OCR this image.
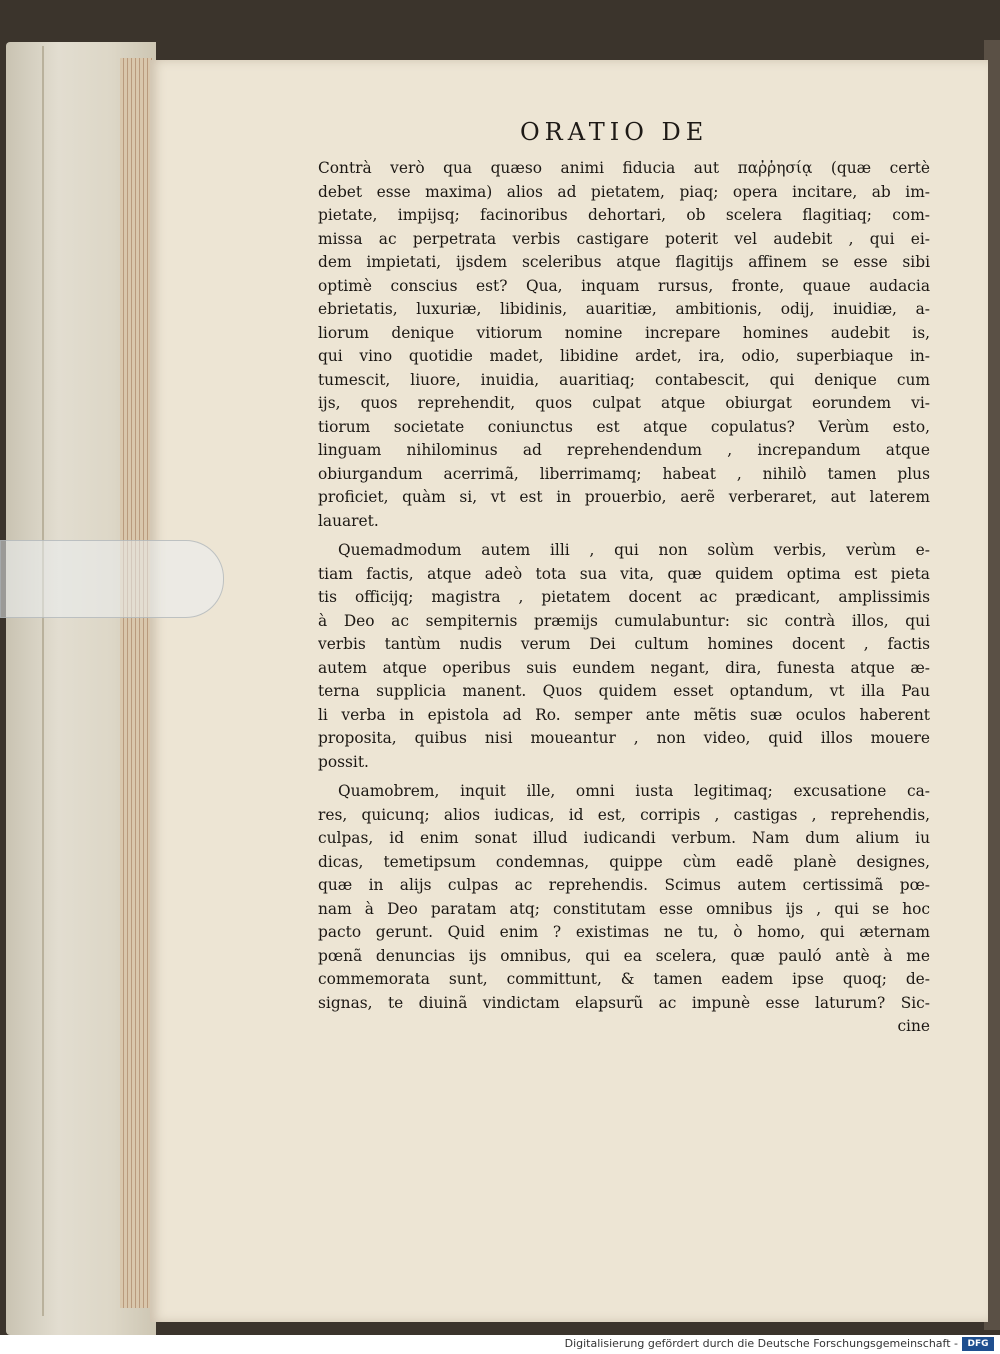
ORATIO DE
Contrà verò qua quæso animi fiducia aut παῤῥησίᾳ (quæ certè
debet esse maxima) alios ad pietatem, piaq; opera incitare, ab im-
pietate, impijsq; facinoribus dehortari, ob scelera flagitiaq; com-
missa ac perpetrata verbis castigare poterit vel audebit , qui ei-
dem impietati, ijsdem sceleribus atque flagitijs affinem se esse sibi
optimè conscius est? Qua, inquam rursus, fronte, quaue audacia
ebrietatis, luxuriæ, libidinis, auaritiæ, ambitionis, odij, inuidiæ, a-
liorum denique vitiorum nomine increpare homines audebit is,
qui vino quotidie madet, libidine ardet, ira, odio, superbiaque in-
tumescit, liuore, inuidia, auaritiaq; contabescit, qui denique cum
ijs, quos reprehendit, quos culpat atque obiurgat eorundem vi-
tiorum societate coniunctus est atque copulatus? Verùm esto,
linguam nihilominus ad reprehendendum , increpandum atque
obiurgandum acerrimã, liberrimamq; habeat , nihilò tamen plus
proficiet, quàm si, vt est in prouerbio, aerẽ verberaret, aut laterem
lauaret.
Quemadmodum autem illi , qui non solùm verbis, verùm e-
tiam factis, atque adeò tota sua vita, quæ quidem optima est pieta
tis officijq; magistra , pietatem docent ac prædicant, amplissimis
à Deo ac sempiternis præmijs cumulabuntur: sic contrà illos, qui
verbis tantùm nudis verum Dei cultum homines docent , factis
autem atque operibus suis eundem negant, dira, funesta atque æ-
terna supplicia manent. Quos quidem esset optandum, vt illa Pau
li verba in epistola ad Ro. semper ante mẽtis suæ oculos haberent
proposita, quibus nisi moueantur , non video, quid illos mouere
possit.
Quamobrem, inquit ille, omni iusta legitimaq; excusatione ca-
res, quicunq; alios iudicas, id est, corripis , castigas , reprehendis,
culpas, id enim sonat illud iudicandi verbum. Nam dum alium iu
dicas, temetipsum condemnas, quippe cùm eadẽ planè designes,
quæ in alijs culpas ac reprehendis. Scimus autem certissimã pœ-
nam à Deo paratam atq; constitutam esse omnibus ijs , qui se hoc
pacto gerunt. Quid enim ? existimas ne tu, ò homo, qui æternam
pœnã denuncias ijs omnibus, qui ea scelera, quæ pauló antè à me
commemorata sunt, committunt, & tamen eadem ipse quoq; de-
signas, te diuinã vindictam elapsurũ ac impunè esse laturum? Sic-
cine
Digitalisierung gefördert durch die Deutsche Forschungsgemeinschaft -	DFG
